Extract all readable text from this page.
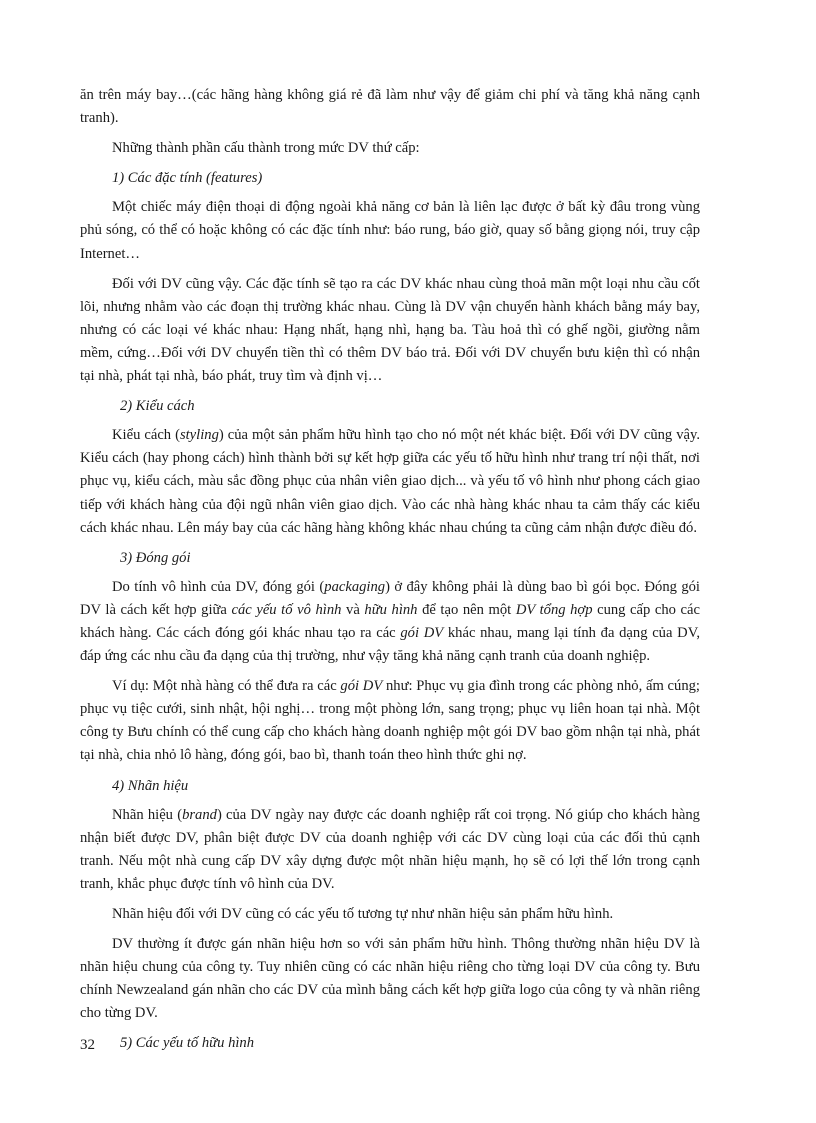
ăn trên máy bay…(các hãng hàng không giá rẻ đã làm như vậy để giảm chi phí và tăng khả năng cạnh tranh).

Những thành phần cấu thành trong mức DV thứ cấp:

1) Các đặc tính (features)

Một chiếc máy điện thoại di động ngoài khả năng cơ bản là liên lạc được ở bất kỳ đâu trong vùng phủ sóng, có thể có hoặc không có các đặc tính như: báo rung, báo giờ, quay số bằng giọng nói, truy cập Internet…

Đối với DV cũng vậy. Các đặc tính sẽ tạo ra các DV khác nhau cùng thoả mãn một loại nhu cầu cốt lõi, nhưng nhằm vào các đoạn thị trường khác nhau. Cùng là DV vận chuyển hành khách bằng máy bay, nhưng có các loại vé khác nhau: Hạng nhất, hạng nhì, hạng ba. Tàu hoả thì có ghế ngồi, giường nằm mềm, cứng…Đối với DV chuyển tiền thì có thêm DV báo trả. Đối với DV chuyển bưu kiện thì có nhận tại nhà, phát tại nhà, báo phát, truy tìm và định vị…

2) Kiểu cách

Kiểu cách (styling) của một sản phẩm hữu hình tạo cho nó một nét khác biệt. Đối với DV cũng vậy. Kiểu cách (hay phong cách) hình thành bởi sự kết hợp giữa các yếu tố hữu hình như trang trí nội thất, nơi phục vụ, kiểu cách, màu sắc đồng phục của nhân viên giao dịch... và yếu tố vô hình như phong cách giao tiếp với khách hàng của đội ngũ nhân viên giao dịch. Vào các nhà hàng khác nhau ta cảm thấy các kiểu cách khác nhau. Lên máy bay của các hãng hàng không khác nhau chúng ta cũng cảm nhận được điều đó.

3) Đóng gói

Do tính vô hình của DV, đóng gói (packaging) ở đây không phải là dùng bao bì gói bọc. Đóng gói DV là cách kết hợp giữa các yếu tố vô hình và hữu hình để tạo nên một DV tổng hợp cung cấp cho các khách hàng. Các cách đóng gói khác nhau tạo ra các gói DV khác nhau, mang lại tính đa dạng của DV, đáp ứng các nhu cầu đa dạng của thị trường, như vậy tăng khả năng cạnh tranh của doanh nghiệp.

Ví dụ: Một nhà hàng có thể đưa ra các gói DV như: Phục vụ gia đình trong các phòng nhỏ, ấm cúng; phục vụ tiệc cưới, sinh nhật, hội nghị… trong một phòng lớn, sang trọng; phục vụ liên hoan tại nhà. Một công ty Bưu chính có thể cung cấp cho khách hàng doanh nghiệp một gói DV bao gồm nhận tại nhà, phát tại nhà, chia nhỏ lô hàng, đóng gói, bao bì, thanh toán theo hình thức ghi nợ.

4) Nhãn hiệu

Nhãn hiệu (brand) của DV ngày nay được các doanh nghiệp rất coi trọng. Nó giúp cho khách hàng nhận biết được DV, phân biệt được DV của doanh nghiệp với các DV cùng loại của các đối thủ cạnh tranh. Nếu một nhà cung cấp DV xây dựng được một nhãn hiệu mạnh, họ sẽ có lợi thế lớn trong cạnh tranh, khắc phục được tính vô hình của DV.

Nhãn hiệu đối với DV cũng có các yếu tố tương tự như nhãn hiệu sản phẩm hữu hình.

DV thường ít được gán nhãn hiệu hơn so với sản phẩm hữu hình. Thông thường nhãn hiệu DV là nhãn hiệu chung của công ty. Tuy nhiên cũng có các nhãn hiệu riêng cho từng loại DV của công ty. Bưu chính Newzealand gán nhãn cho các DV của mình bằng cách kết hợp giữa logo của công ty và nhãn riêng cho từng DV.

5) Các yếu tố hữu hình

32
